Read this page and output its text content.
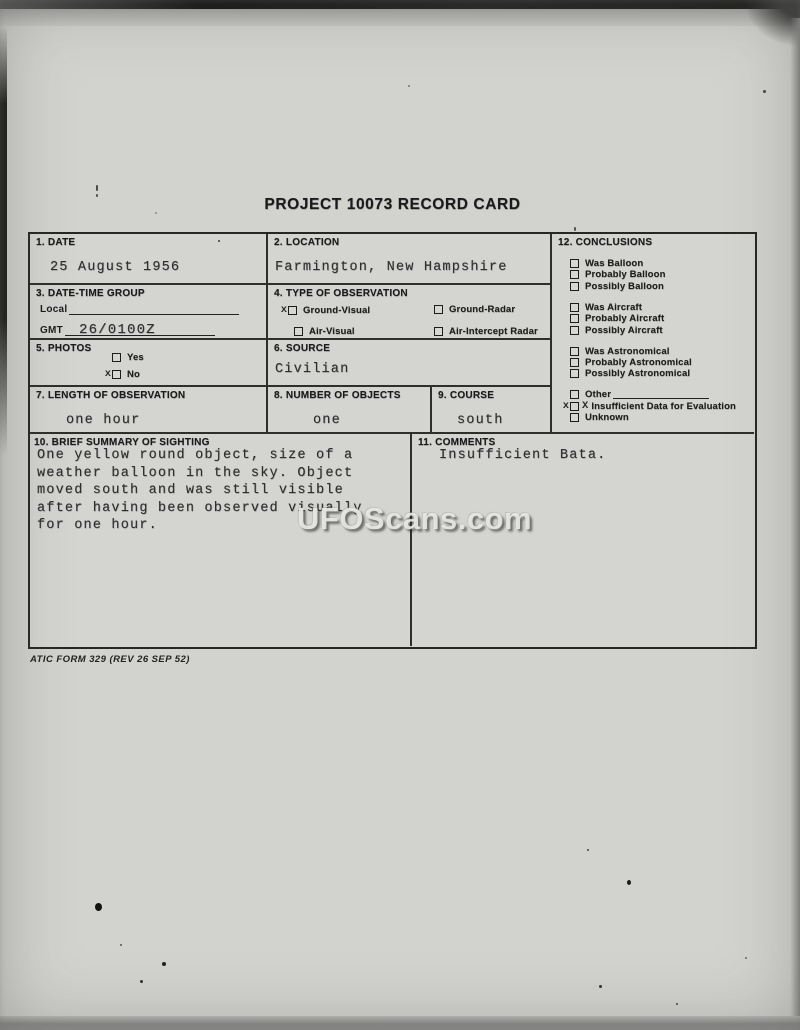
PROJECT 10073 RECORD CARD
1. DATE
25 August 1956
2. LOCATION
Farmington, New Hampshire
12. CONCLUSIONS
Was Balloon
Probably Balloon
Possibly Balloon
Was Aircraft
Probably Aircraft
Possibly Aircraft
Was Astronomical
Probably Astronomical
Possibly Astronomical
Other
x X Insufficient Data for Evaluation
Unknown
3. DATE-TIME GROUP
Local
GMT 26/0100Z
4. TYPE OF OBSERVATION
x Ground-Visual	Ground-Radar
Air-Visual	Air-Intercept Radar
5. PHOTOS
Yes
x No
6. SOURCE
Civilian
7. LENGTH OF OBSERVATION
one hour
8. NUMBER OF OBJECTS
one
9. COURSE
south
10. BRIEF SUMMARY OF SIGHTING
One yellow round object, size of a
weather balloon in the sky. Object
moved south and was still visible
after having been observed visually
for one hour.
11. COMMENTS
Insufficient Bata.
UFOScans.com
ATIC FORM 329 (REV 26 SEP 52)
